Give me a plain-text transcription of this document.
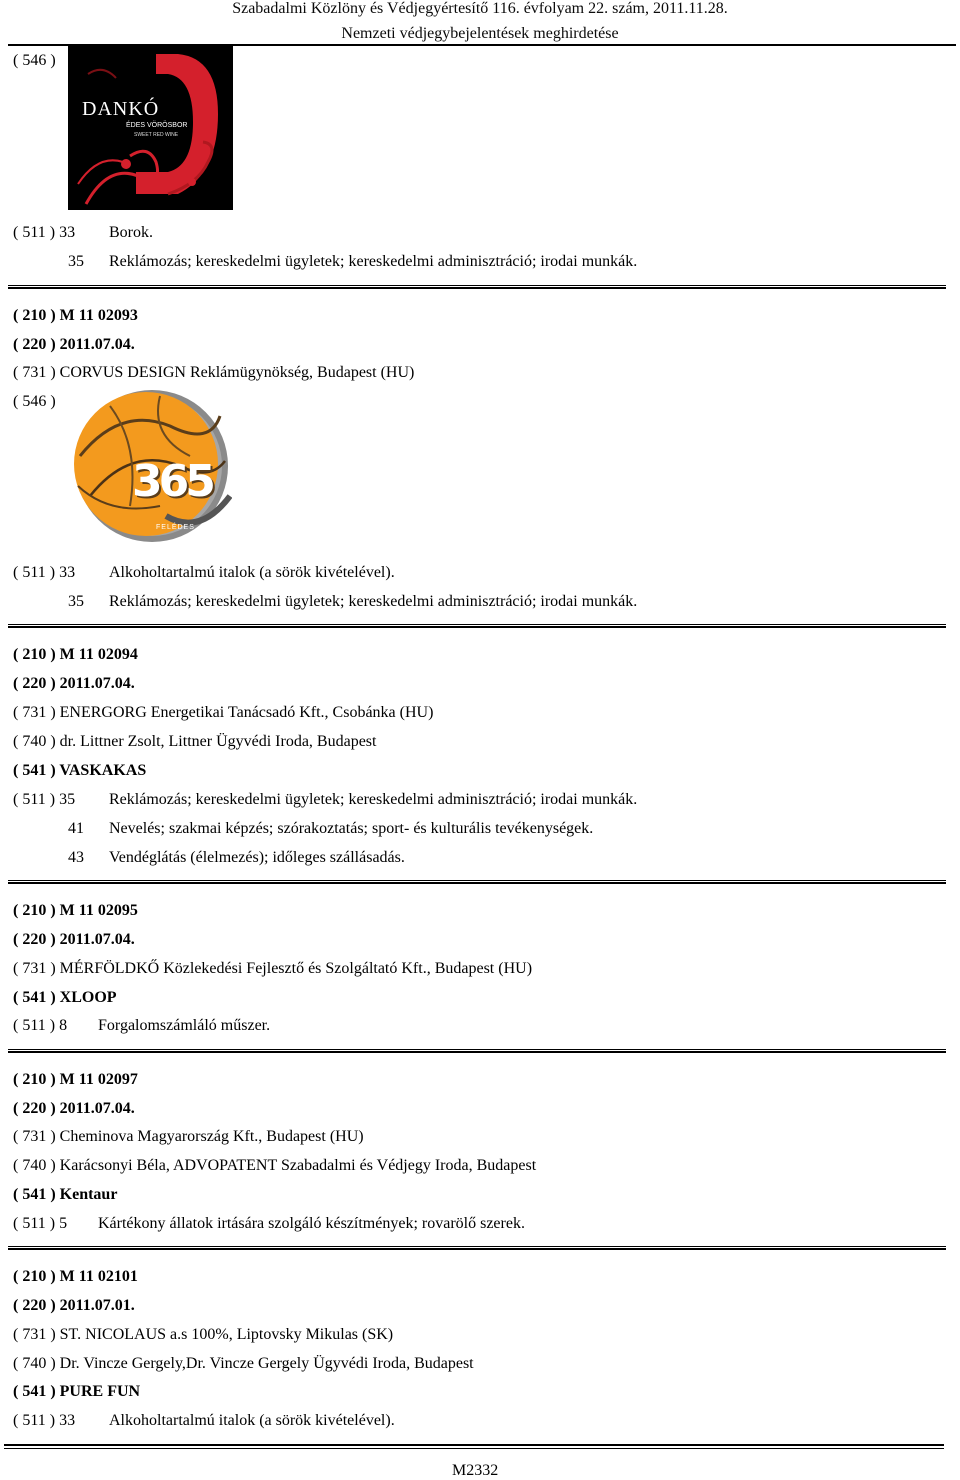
Szabadalmi Közlöny és Védjegyértesítő 116. évfolyam 22. szám, 2011.11.28.
Nemzeti védjegybejelentések meghirdetése
( 546 )
DANKÓ
ÉDES VÖRÖSBOR
SWEET RED WINE
( 511 ) 33 Borok.
35 Reklámozás; kereskedelmi ügyletek; kereskedelmi adminisztráció; irodai munkák.
( 210 ) M 11 02093
( 220 ) 2011.07.04.
( 731 ) CORVUS DESIGN Reklámügynökség, Budapest (HU)
( 546 )
365
FELÉDES
( 511 ) 33 Alkoholtartalmú italok (a sörök kivételével).
35 Reklámozás; kereskedelmi ügyletek; kereskedelmi adminisztráció; irodai munkák.
( 210 ) M 11 02094
( 220 ) 2011.07.04.
( 731 ) ENERGORG Energetikai Tanácsadó Kft., Csobánka (HU)
( 740 ) dr. Littner Zsolt, Littner Ügyvédi Iroda, Budapest
( 541 ) VASKAKAS
( 511 ) 35 Reklámozás; kereskedelmi ügyletek; kereskedelmi adminisztráció; irodai munkák.
41 Nevelés; szakmai képzés; szórakoztatás; sport- és kulturális tevékenységek.
43 Vendéglátás (élelmezés); időleges szállásadás.
( 210 ) M 11 02095
( 220 ) 2011.07.04.
( 731 ) MÉRFÖLDKŐ Közlekedési Fejlesztő és Szolgáltató Kft., Budapest (HU)
( 541 ) XLOOP
( 511 ) 8 Forgalomszámláló műszer.
( 210 ) M 11 02097
( 220 ) 2011.07.04.
( 731 ) Cheminova Magyarország Kft., Budapest (HU)
( 740 ) Karácsonyi Béla, ADVOPATENT Szabadalmi és Védjegy Iroda, Budapest
( 541 ) Kentaur
( 511 ) 5 Kártékony állatok irtására szolgáló készítmények; rovarölő szerek.
( 210 ) M 11 02101
( 220 ) 2011.07.01.
( 731 ) ST. NICOLAUS a.s 100%, Liptovsky Mikulas (SK)
( 740 ) Dr. Vincze Gergely,Dr. Vincze Gergely Ügyvédi Iroda, Budapest
( 541 ) PURE FUN
( 511 ) 33 Alkoholtartalmú italok (a sörök kivételével).
M2332
